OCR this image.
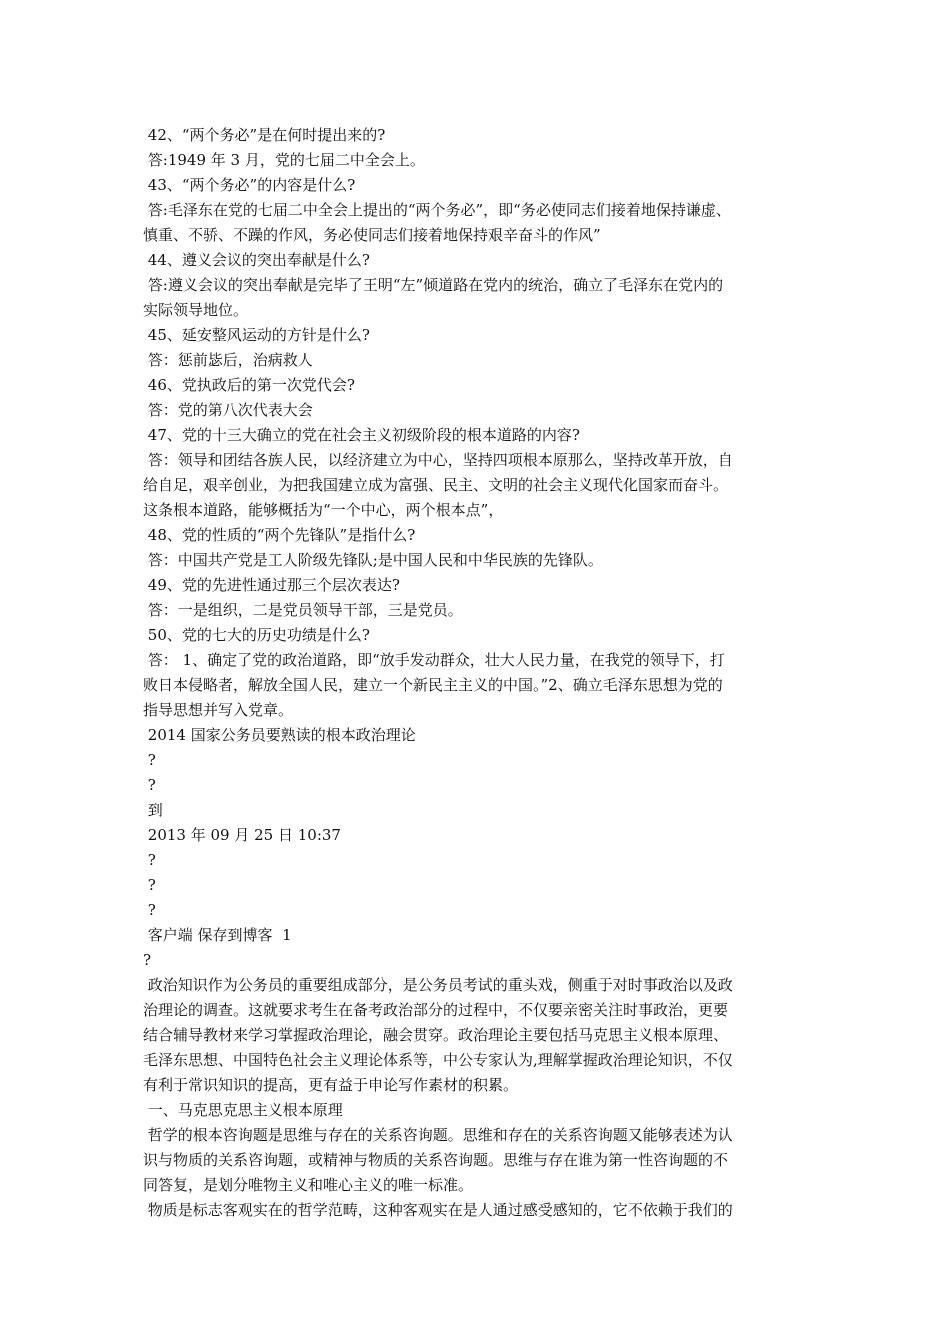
42、“两个务必”是在何时提出来的?
答:1949 年 3 月，党的七届二中全会上。
43、“两个务必”的内容是什么?
答:毛泽东在党的七届二中全会上提出的“两个务必”，即“务必使同志们接着地保持谦虚、
慎重、不骄、不躁的作风，务必使同志们接着地保持艰辛奋斗的作风”
44、遵义会议的突出奉献是什么?
答:遵义会议的突出奉献是完毕了王明“左”倾道路在党内的统治，确立了毛泽东在党内的
实际领导地位。
45、延安整风运动的方针是什么?
答：惩前毖后，治病救人
46、党执政后的第一次党代会?
答：党的第八次代表大会
47、党的十三大确立的党在社会主义初级阶段的根本道路的内容?
答：领导和团结各族人民，以经济建立为中心，坚持四项根本原那么，坚持改革开放，自
给自足，艰辛创业，为把我国建立成为富强、民主、文明的社会主义现代化国家而奋斗。
这条根本道路，能够概括为“一个中心，两个根本点”，
48、党的性质的“两个先锋队”是指什么?
答：中国共产党是工人阶级先锋队;是中国人民和中华民族的先锋队。
49、党的先进性通过那三个层次表达?
答：一是组织，二是党员领导干部，三是党员。
50、党的七大的历史功绩是什么?
答： 1、确定了党的政治道路，即“放手发动群众，壮大人民力量，在我党的领导下，打
败日本侵略者，解放全国人民，建立一个新民主主义的中国。”2、确立毛泽东思想为党的
指导思想并写入党章。
2014 国家公务员要熟读的根本政治理论
?
?
到
2013 年 09 月 25 日 10:37
?
?
?
客户端 保存到博客  1
?
政治知识作为公务员的重要组成部分，是公务员考试的重头戏，侧重于对时事政治以及政
治理论的调查。这就要求考生在备考政治部分的过程中，不仅要亲密关注时事政治，更要
结合辅导教材来学习掌握政治理论，融会贯穿。政治理论主要包括马克思主义根本原理、
毛泽东思想、中国特色社会主义理论体系等，中公专家认为,理解掌握政治理论知识，不仅
有利于常识知识的提高，更有益于申论写作素材的积累。
一、马克思克思主义根本原理
哲学的根本咨询题是思维与存在的关系咨询题。思维和存在的关系咨询题又能够表述为认
识与物质的关系咨询题，或精神与物质的关系咨询题。思维与存在谁为第一性咨询题的不
同答复，是划分唯物主义和唯心主义的唯一标准。
物质是标志客观实在的哲学范畴，这种客观实在是人通过感受感知的，它不依赖于我们的
